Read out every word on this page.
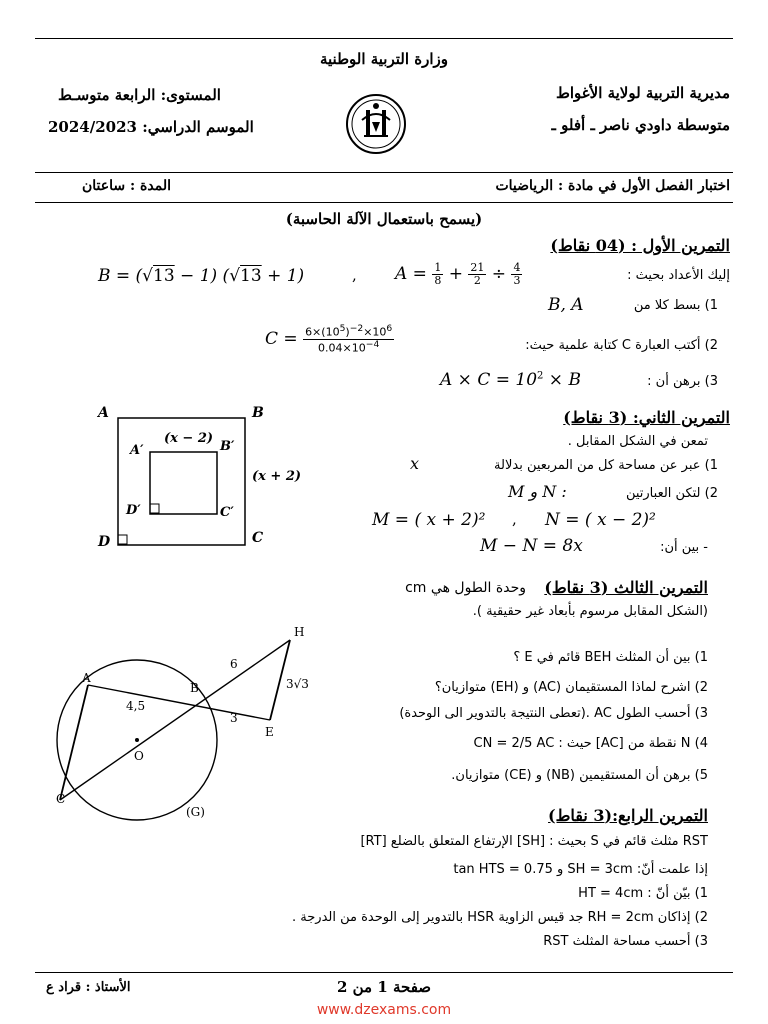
وزارة التربية الوطنية
مديرية التربية لولاية الأغواط
متوسطة داودي ناصر ـ أفلو ـ
المستوى: الرابعة متوسـط
الموسم الدراسي: 2024/2023
اختبار الفصل الأول في مادة : الرياضيات
المدة : ساعتان
(يسمح باستعمال الآلة الحاسبة)
التمرين الأول : (04 نقاط)
إليك الأعداد بحيث :
$A = \frac{1}{8} + \frac{21}{2} \div \frac{4}{3}$
B = (√13 − 1) (√13 + 1)	,
1) بسط كلا من
B, A
2) أكتب العبارة C كتابة علمية حيث:
$C = \frac{6\times(10^5)^{-2}\times 10^6}{0.04\times 10^{-4}}$
3) برهن أن :
$A \times C = 10^2 \times B$
التمرين الثاني: (3 نقاط)
تمعن في الشكل المقابل .
1) عبر عن مساحة كل من المربعين بدلالة
x
2) لتكن العبارتين
M و N :
N = ( x − 2)²
,
M = ( x + 2)²
- بين أن:
M − N = 8x
A	B
C
D
A′	B′
C′
D′
(x − 2)
(x + 2)
التمرين الثالث (3 نقاط)
وحدة الطول هي cm
(الشكل المقابل مرسوم بأبعاد غير حقيقية ).
1) بين أن المثلث BEH قائم في E ؟
2) اشرح لماذا المستقيمان (AC) و (EH) متوازيان؟
3) أحسب الطول AC .(تعطى النتيجة بالتدوير الى الوحدة)
4) N نقطة من [AC] حيث : CN = 2/5 AC
5) برهن أن المستقيمين (NB) و (CE) متوازيان.
A
B
C
E
H
O
(G)
6
4,5
3
3√3
التمرين الرابع:(3 نقاط)
RST مثلث قائم في S بحيث : [SH] الإرتفاع المتعلق بالضلع [RT]
إذا علمت أنّ: SH = 3cm و tan HTS = 0.75
1) بيّن أنّ : HT = 4cm
2) إذاكان RH = 2cm جد قيس الزاوية HSR بالتدوير إلى الوحدة من الدرجة .
3) أحسب مساحة المثلث RST
صفحة 1 من 2
الأستاذ : قراد ع
www.dzexams.com
